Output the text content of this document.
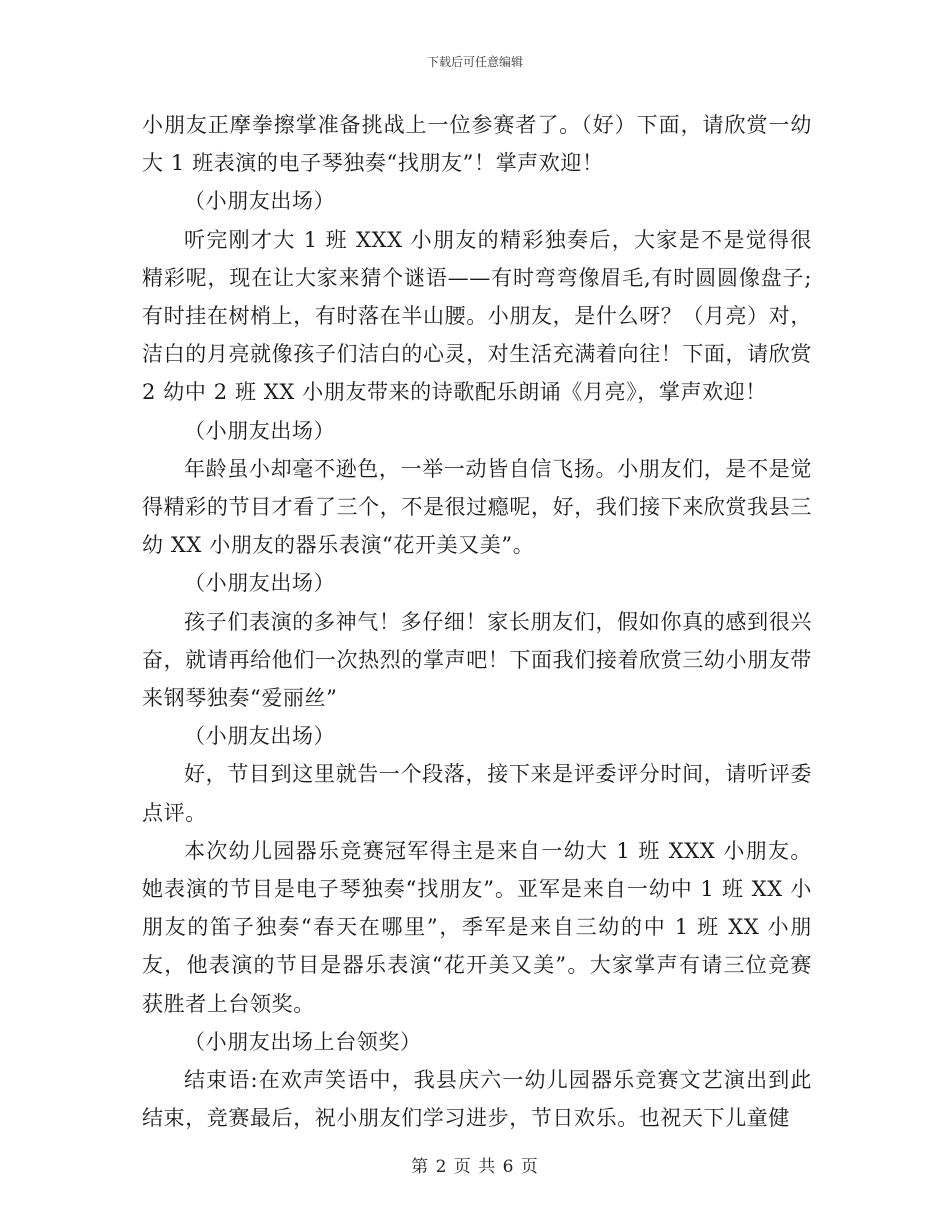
下载后可任意编辑

小朋友正摩拳擦掌准备挑战上一位参赛者了。（好）下面，请欣赏一幼大 1 班表演的电子琴独奏“找朋友”！掌声欢迎！

（小朋友出场）

听完刚才大 1 班 XXX 小朋友的精彩独奏后，大家是不是觉得很精彩呢，现在让大家来猜个谜语——有时弯弯像眉毛,有时圆圆像盘子;有时挂在树梢上，有时落在半山腰。小朋友，是什么呀？（月亮）对，洁白的月亮就像孩子们洁白的心灵，对生活充满着向往！下面，请欣赏 2 幼中 2 班 XX 小朋友带来的诗歌配乐朗诵《月亮》，掌声欢迎！

（小朋友出场）

年龄虽小却毫不逊色，一举一动皆自信飞扬。小朋友们，是不是觉得精彩的节目才看了三个，不是很过瘾呢，好，我们接下来欣赏我县三幼 XX 小朋友的器乐表演“花开美又美”。

（小朋友出场）

孩子们表演的多神气！多仔细！家长朋友们，假如你真的感到很兴奋，就请再给他们一次热烈的掌声吧！下面我们接着欣赏三幼小朋友带来钢琴独奏“爱丽丝”

（小朋友出场）

好，节目到这里就告一个段落，接下来是评委评分时间，请听评委点评。

本次幼儿园器乐竞赛冠军得主是来自一幼大 1 班 XXX 小朋友。她表演的节目是电子琴独奏“找朋友”。亚军是来自一幼中 1 班 XX 小朋友的笛子独奏“春天在哪里”，季军是来自三幼的中 1 班 XX 小朋友，他表演的节目是器乐表演“花开美又美”。大家掌声有请三位竞赛获胜者上台领奖。

（小朋友出场上台领奖）

结束语:在欢声笑语中，我县庆六一幼儿园器乐竞赛文艺演出到此结束，竞赛最后，祝小朋友们学习进步，节日欢乐。也祝天下儿童健

第 2 页 共 6 页
